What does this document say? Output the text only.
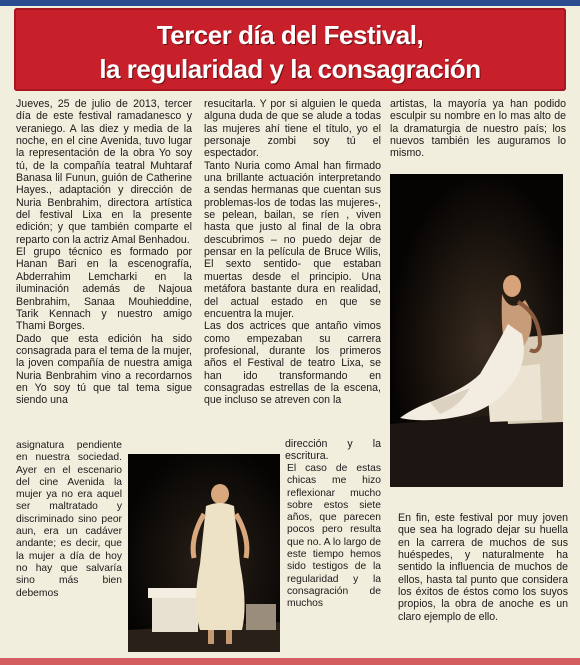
Tercer día del Festival,
la regularidad y la consagración

Jueves, 25 de julio de 2013, tercer día de este festival ramadanesco y veraniego. A las diez y media de la noche, en el cine Avenida, tuvo lugar la representación de la obra Yo soy tú, de la compañía teatral Muhtaraf Banasa lil Funun, guión de Catherine Hayes., adaptación y dirección de Nuria Benbrahim, directora artística del festival Lixa en la presente edición; y que también comparte el reparto con la actriz Amal Benhadou.

El grupo técnico es formado por Hanan Bari en la escenografía, Abderrahim Lemcharki en la iluminación además de Najoua Benbrahim, Sanaa Mouhieddine, Tarik Kennach y nuestro amigo Thami Borges.

Dado que esta edición ha sido consagrada para el tema de la mujer, la joven compañía de nuestra amiga Nuria Benbrahim vino a recordarnos en Yo soy tú que tal tema sigue siendo una

asignatura pendiente en nuestra sociedad. Ayer en el escenario del cine Avenida la mujer ya no era aquel ser maltratado y discriminado sino peor aun, era un cadáver andante; es decir, que la mujer a día de hoy no hay que salvaría sino más bien debemos

resucitarla. Y por si alguien le queda alguna duda de que se alude a todas las mujeres ahí tiene el título, yo el personaje zombi soy tú el espectador.

Tanto Nuria como Amal han firmado una brillante actuación interpretando a sendas hermanas que cuentan sus problemas-los de todas las mujeres-, se pelean, bailan, se ríen , viven hasta que justo al final de la obra descubrimos – no puedo dejar de pensar en la película de Bruce Wilis, El sexto sentido- que estaban muertas desde el principio. Una metáfora bastante dura en realidad, del actual estado en que se encuentra la mujer.

Las dos actrices que antaño vimos como empezaban su carrera profesional, durante los primeros años el Festival de teatro Lixa, se han ido transformando en consagradas estrellas de la escena, que incluso se atreven con la

dirección y la escritura.

El caso de estas chicas me hizo reflexionar mucho sobre estos siete años, que parecen pocos pero resulta que no. A lo largo de este tiempo hemos sido testigos de la regularidad y la consagración de muchos

artistas, la mayoría ya han podido esculpir su nombre en lo mas alto de la dramaturgia de nuestro país; los nuevos también les auguramos lo mismo.

En fin, este festival por muy joven que sea ha logrado dejar su huella en la carrera de muchos de sus huéspedes, y naturalmente ha sentido la influencia de muchos de ellos, hasta tal punto que considera los éxitos de éstos como los suyos propios, la obra de anoche es un claro ejemplo de ello.
